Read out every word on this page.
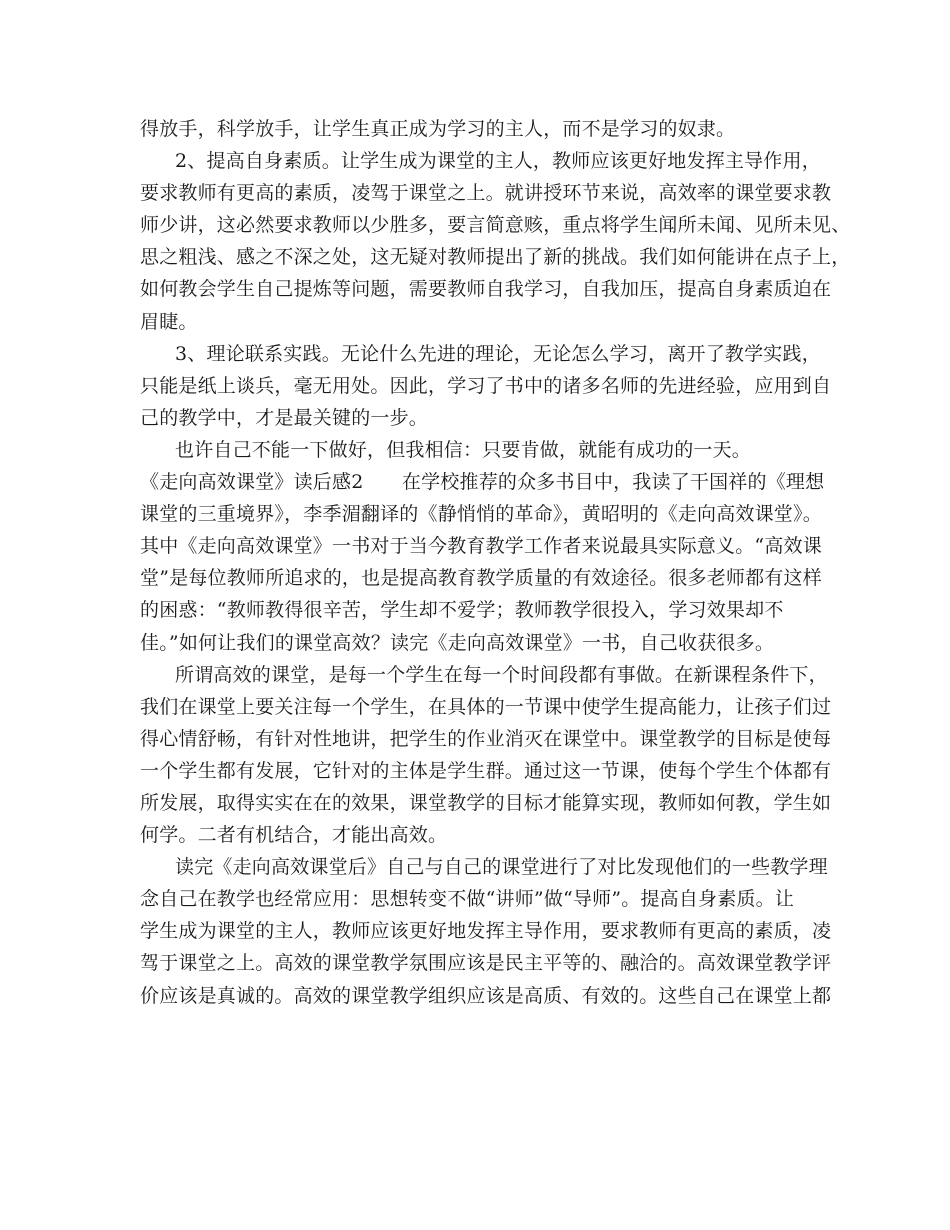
得放手，科学放手，让学生真正成为学习的主人，而不是学习的奴隶。
2、提高自身素质。让学生成为课堂的主人，教师应该更好地发挥主导作用，
要求教师有更高的素质，凌驾于课堂之上。就讲授环节来说，高效率的课堂要求教
师少讲，这必然要求教师以少胜多，要言简意赅，重点将学生闻所未闻、见所未见、
思之粗浅、感之不深之处，这无疑对教师提出了新的挑战。我们如何能讲在点子上，
如何教会学生自己提炼等问题，需要教师自我学习，自我加压，提高自身素质迫在
眉睫。
3、理论联系实践。无论什么先进的理论，无论怎么学习，离开了教学实践，
只能是纸上谈兵，毫无用处。因此，学习了书中的诸多名师的先进经验，应用到自
己的教学中，才是最关键的一步。
也许自己不能一下做好，但我相信：只要肯做，就能有成功的一天。
《走向高效课堂》读后感2　　在学校推荐的众多书目中，我读了干国祥的《理想
课堂的三重境界》，李季湄翻译的《静悄悄的革命》，黄昭明的《走向高效课堂》。
其中《走向高效课堂》一书对于当今教育教学工作者来说最具实际意义。“高效课
堂”是每位教师所追求的，也是提高教育教学质量的有效途径。很多老师都有这样
的困惑：“教师教得很辛苦，学生却不爱学；教师教学很投入，学习效果却不
佳。”如何让我们的课堂高效？读完《走向高效课堂》一书，自己收获很多。
所谓高效的课堂，是每一个学生在每一个时间段都有事做。在新课程条件下，
我们在课堂上要关注每一个学生，在具体的一节课中使学生提高能力，让孩子们过
得心情舒畅，有针对性地讲，把学生的作业消灭在课堂中。课堂教学的目标是使每
一个学生都有发展，它针对的主体是学生群。通过这一节课，使每个学生个体都有
所发展，取得实实在在的效果，课堂教学的目标才能算实现，教师如何教，学生如
何学。二者有机结合，才能出高效。
读完《走向高效课堂后》自己与自己的课堂进行了对比发现他们的一些教学理
念自己在教学也经常应用：思想转变不做“讲师”做“导师”。提高自身素质。让
学生成为课堂的主人，教师应该更好地发挥主导作用，要求教师有更高的素质，凌
驾于课堂之上。高效的课堂教学氛围应该是民主平等的、融洽的。高效课堂教学评
价应该是真诚的。高效的课堂教学组织应该是高质、有效的。这些自己在课堂上都
